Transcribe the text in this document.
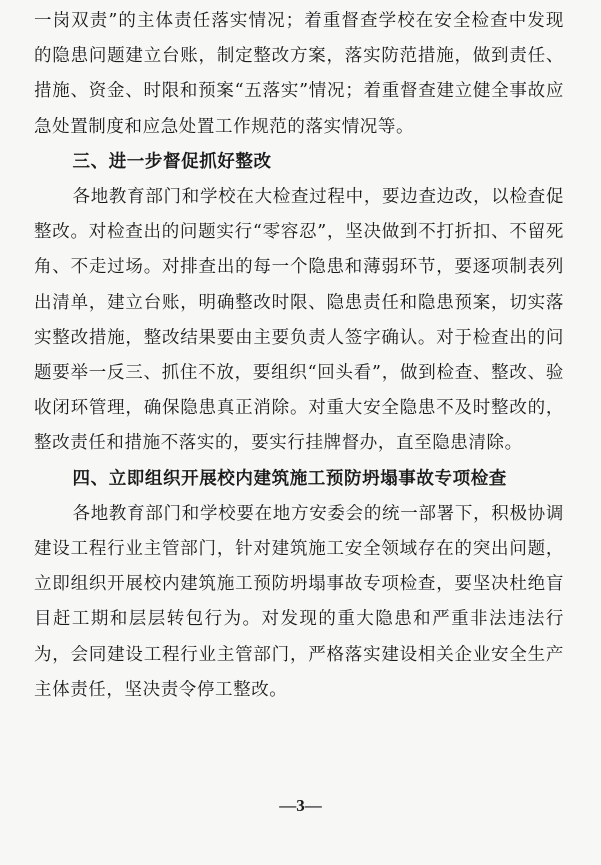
一岗双责”的主体责任落实情况；着重督查学校在安全检查中发现的隐患问题建立台账，制定整改方案，落实防范措施，做到责任、措施、资金、时限和预案“五落实”情况；着重督查建立健全事故应急处置制度和应急处置工作规范的落实情况等。

三、进一步督促抓好整改

各地教育部门和学校在大检查过程中，要边查边改，以检查促整改。对检查出的问题实行“零容忍”，坚决做到不打折扣、不留死角、不走过场。对排查出的每一个隐患和薄弱环节，要逐项制表列出清单，建立台账，明确整改时限、隐患责任和隐患预案，切实落实整改措施，整改结果要由主要负责人签字确认。对于检查出的问题要举一反三、抓住不放，要组织“回头看”，做到检查、整改、验收闭环管理，确保隐患真正消除。对重大安全隐患不及时整改的，整改责任和措施不落实的，要实行挂牌督办，直至隐患清除。

四、立即组织开展校内建筑施工预防坍塌事故专项检查

各地教育部门和学校要在地方安委会的统一部署下，积极协调建设工程行业主管部门，针对建筑施工安全领域存在的突出问题，立即组织开展校内建筑施工预防坍塌事故专项检查，要坚决杜绝盲目赶工期和层层转包行为。对发现的重大隐患和严重非法违法行为，会同建设工程行业主管部门，严格落实建设相关企业安全生产主体责任，坚决责令停工整改。

—3—
